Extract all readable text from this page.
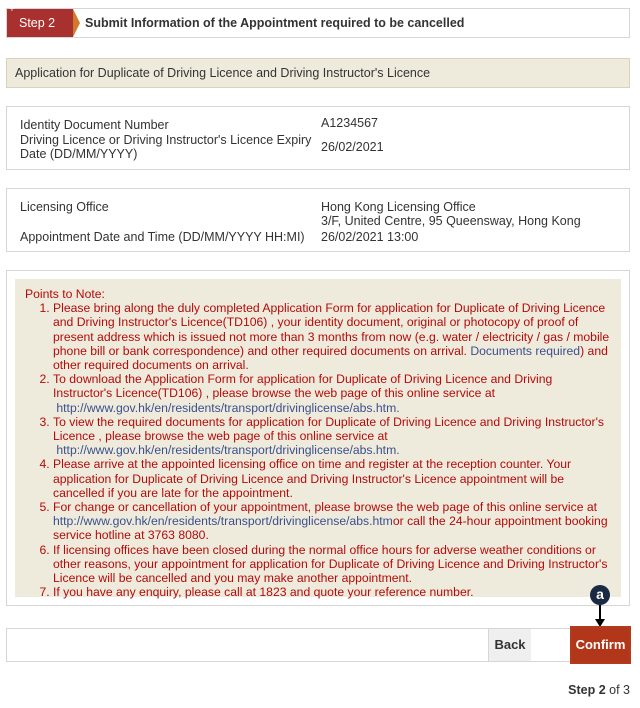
+
Step 2	Submit Information of the Appointment required to be cancelled
Application for Duplicate of Driving Licence and Driving Instructor's Licence
Identity Document Number	A1234567
Driving Licence or Driving Instructor's Licence Expiry
Date (DD/MM/YYYY)	26/02/2021
Licensing Office	Hong Kong Licensing Office
3/F, United Centre, 95 Queensway, Hong Kong
Appointment Date and Time (DD/MM/YYYY HH:MI) 26/02/2021 13:00
Points to Note:
1. Please bring along the duly completed Application Form for application for Duplicate of Driving Licence and Driving Instructor's Licence(TD106) , your identity document, original or photocopy of proof of present address which is issued not more than 3 months from now (e.g. water / electricity / gas / mobile phone bill or bank correspondence) and other required documents on arrival. Documents required) and other required documents on arrival.
2. To download the Application Form for application for Duplicate of Driving Licence and Driving Instructor's Licence(TD106) , please browse the web page of this online service at
http://www.gov.hk/en/residents/transport/drivinglicense/abs.htm.
3. To view the required documents for application for Duplicate of Driving Licence and Driving Instructor's Licence , please browse the web page of this online service at
http://www.gov.hk/en/residents/transport/drivinglicense/abs.htm.
4. Please arrive at the appointed licensing office on time and register at the reception counter. Your application for Duplicate of Driving Licence and Driving Instructor's Licence appointment will be cancelled if you are late for the appointment.
5. For change or cancellation of your appointment, please browse the web page of this online service at http://www.gov.hk/en/residents/transport/drivinglicense/abs.htmor call the 24-hour appointment booking service hotline at 3763 8080.
6. If licensing offices have been closed during the normal office hours for adverse weather conditions or other reasons, your appointment for application for Duplicate of Driving Licence and Driving Instructor's Licence will be cancelled and you may make another appointment.
7. If you have any enquiry, please call at 1823 and quote your reference number.	a
Back	Confirm
Step 2 of 3
